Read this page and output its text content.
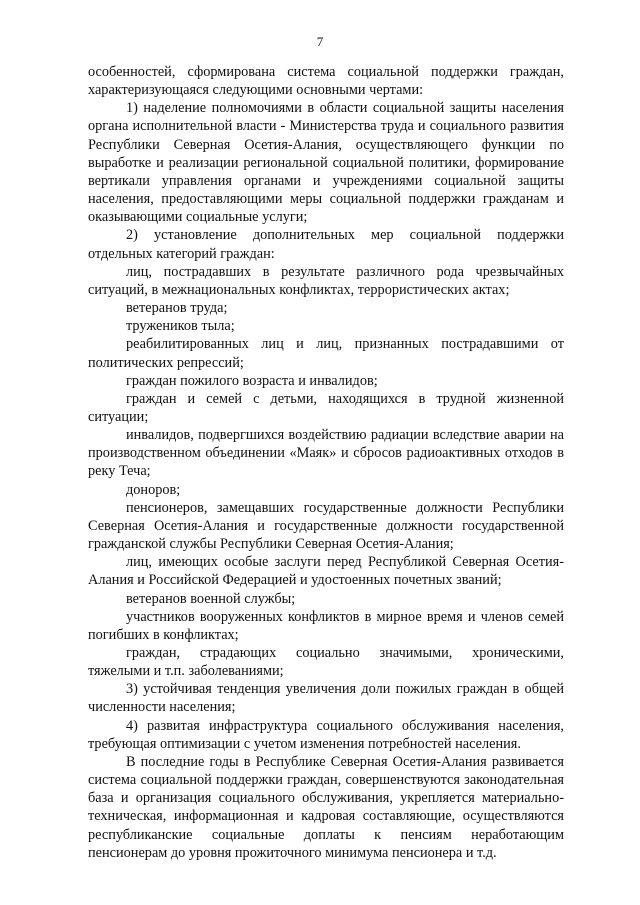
7

особенностей, сформирована система социальной поддержки граждан, характеризующаяся следующими основными чертами:

1) наделение полномочиями в области социальной защиты населения органа исполнительной власти - Министерства труда и социального развития Республики Северная Осетия-Алания, осуществляющего функции по выработке и реализации региональной социальной политики, формирование вертикали управления органами и учреждениями социальной защиты населения, предоставляющими меры социальной поддержки гражданам и оказывающими социальные услуги;

2) установление дополнительных мер социальной поддержки отдельных категорий граждан:

лиц, пострадавших в результате различного рода чрезвычайных ситуаций, в межнациональных конфликтах, террористических актах;

ветеранов труда;

тружеников тыла;

реабилитированных лиц и лиц, признанных пострадавшими от политических репрессий;

граждан пожилого возраста и инвалидов;

граждан и семей с детьми, находящихся в трудной жизненной ситуации;

инвалидов, подвергшихся воздействию радиации вследствие аварии на производственном объединении «Маяк» и сбросов радиоактивных отходов в реку Теча;

доноров;

пенсионеров, замещавших государственные должности Республики Северная Осетия-Алания и государственные должности государственной гражданской службы Республики Северная Осетия-Алания;

лиц, имеющих особые заслуги перед Республикой Северная Осетия-Алания и Российской Федерацией и удостоенных почетных званий;

ветеранов военной службы;

участников вооруженных конфликтов в мирное время и членов семей погибших в конфликтах;

граждан, страдающих социально значимыми, хроническими, тяжелыми и т.п. заболеваниями;

3) устойчивая тенденция увеличения доли пожилых граждан в общей численности населения;

4) развитая инфраструктура социального обслуживания населения, требующая оптимизации с учетом изменения потребностей населения.

В последние годы в Республике Северная Осетия-Алания развивается система социальной поддержки граждан, совершенствуются законодательная база и организация социального обслуживания, укрепляется материально-техническая, информационная и кадровая составляющие, осуществляются республиканские социальные доплаты к пенсиям неработающим пенсионерам до уровня прожиточного минимума пенсионера и т.д.
